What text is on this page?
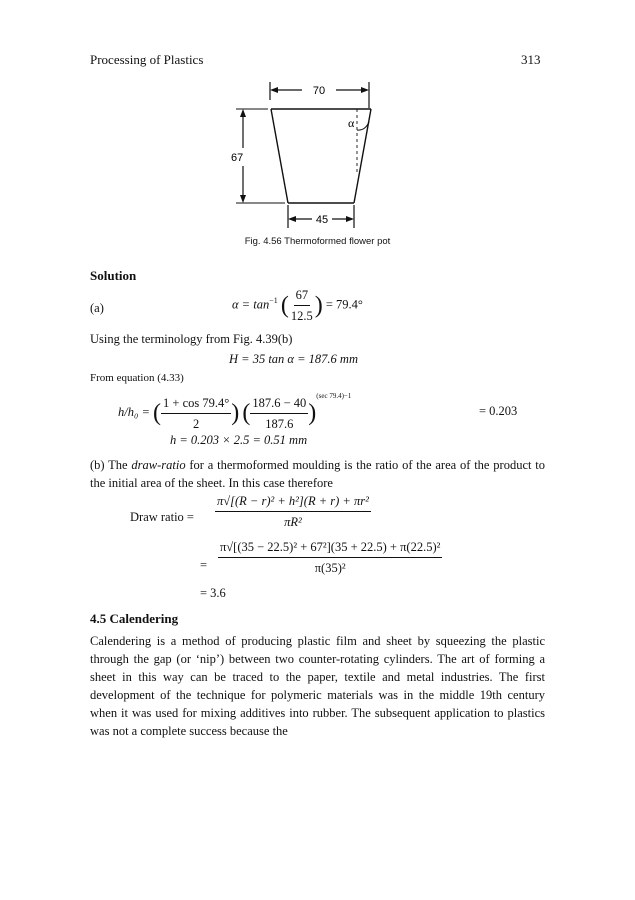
Processing of Plastics	313
70
α
67
45
Fig. 4.56 Thermoformed flower pot
Solution
(a)	$\alpha = \tan^{-1}$ ( $\frac{67}{12.5}$ ) = 79.4°
Using the terminology from Fig. 4.39(b)
H = 35 tan α = 187.6 mm
From equation (4.33)
h/h₀ = ( $\frac{1 + \cos 79.4^\circ}{2}$ ) ( $\frac{187.6 - 40}{187.6} )^{(sec 79.4)-1}$
= 0.203
h = 0.203 × 2.5 = 0.51 mm
(b) The draw-ratio for a thermoformed moulding is the ratio of the area of the product to the initial area of the sheet. In this case therefore
Draw ratio = $\frac{\text{π√[(R − r)² + h²](R + r) + πr²}}{\text{πR²}}$
= $\frac{\text{π√[(35 − 22.5)² + 67²](35 + 22.5) + π(22.5)²}}{\text{π(35)²}}$
= 3.6
4.5 Calendering
Calendering is a method of producing plastic film and sheet by squeezing the plastic through the gap (or ‘nip’) between two counter-rotating cylinders. The art of forming a sheet in this way can be traced to the paper, textile and metal industries. The first development of the technique for polymeric materials was in the middle 19th century when it was used for mixing additives into rubber. The subsequent application to plastics was not a complete success because the
